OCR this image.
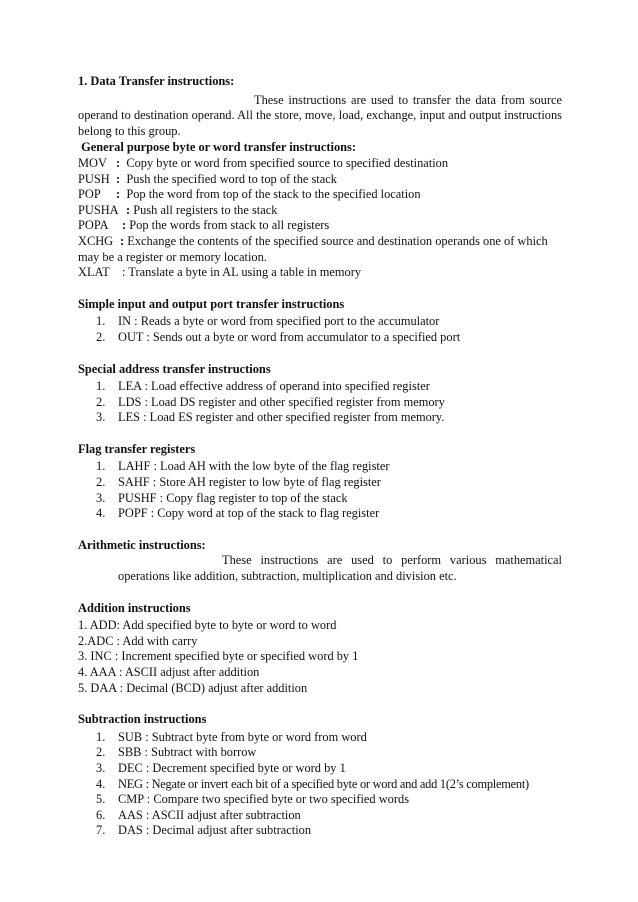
1. Data Transfer instructions:

These instructions are used to transfer the data from source operand to destination operand. All the store, move, load, exchange, input and output instructions belong to this group.

General purpose byte or word transfer instructions:

MOV :  Copy byte or word from specified source to specified destination

PUSH :  Push the specified word to top of the stack

POP :  Pop the word from top of the stack to the specified location

PUSHA : Push all registers to the stack

POPA : Pop the words from stack to all registers

XCHG : Exchange the contents of the specified source and destination operands one of which may be a register or memory location.

XLAT : Translate a byte in AL using a table in memory

Simple input and output port transfer instructions

1. IN : Reads a byte or word from specified port to the accumulator
2. OUT : Sends out a byte or word from accumulator to a specified port

Special address transfer instructions

1. LEA : Load effective address of operand into specified register
2. LDS : Load DS register and other specified register from memory
3. LES : Load ES register and other specified register from memory.

Flag transfer registers

1. LAHF : Load AH with the low byte of the flag register
2. SAHF : Store AH register to low byte of flag register
3. PUSHF : Copy flag register to top of the stack
4. POPF : Copy word at top of the stack to flag register

Arithmetic instructions:

These instructions are used to perform various mathematical operations like addition, subtraction, multiplication and division etc.

Addition instructions

1. ADD: Add specified byte to byte or word to word

2.ADC : Add with carry

3. INC : Increment specified byte or specified word by 1

4. AAA : ASCII adjust after addition

5. DAA : Decimal (BCD) adjust after addition

Subtraction instructions

1. SUB : Subtract byte from byte or word from word
2. SBB : Subtract with borrow
3. DEC : Decrement specified byte or word by 1
4. NEG : Negate or invert each bit of a specified byte or word and add 1(2’s complement)
5. CMP : Compare two specified byte or two specified words
6. AAS : ASCII adjust after subtraction
7. DAS : Decimal adjust after subtraction
